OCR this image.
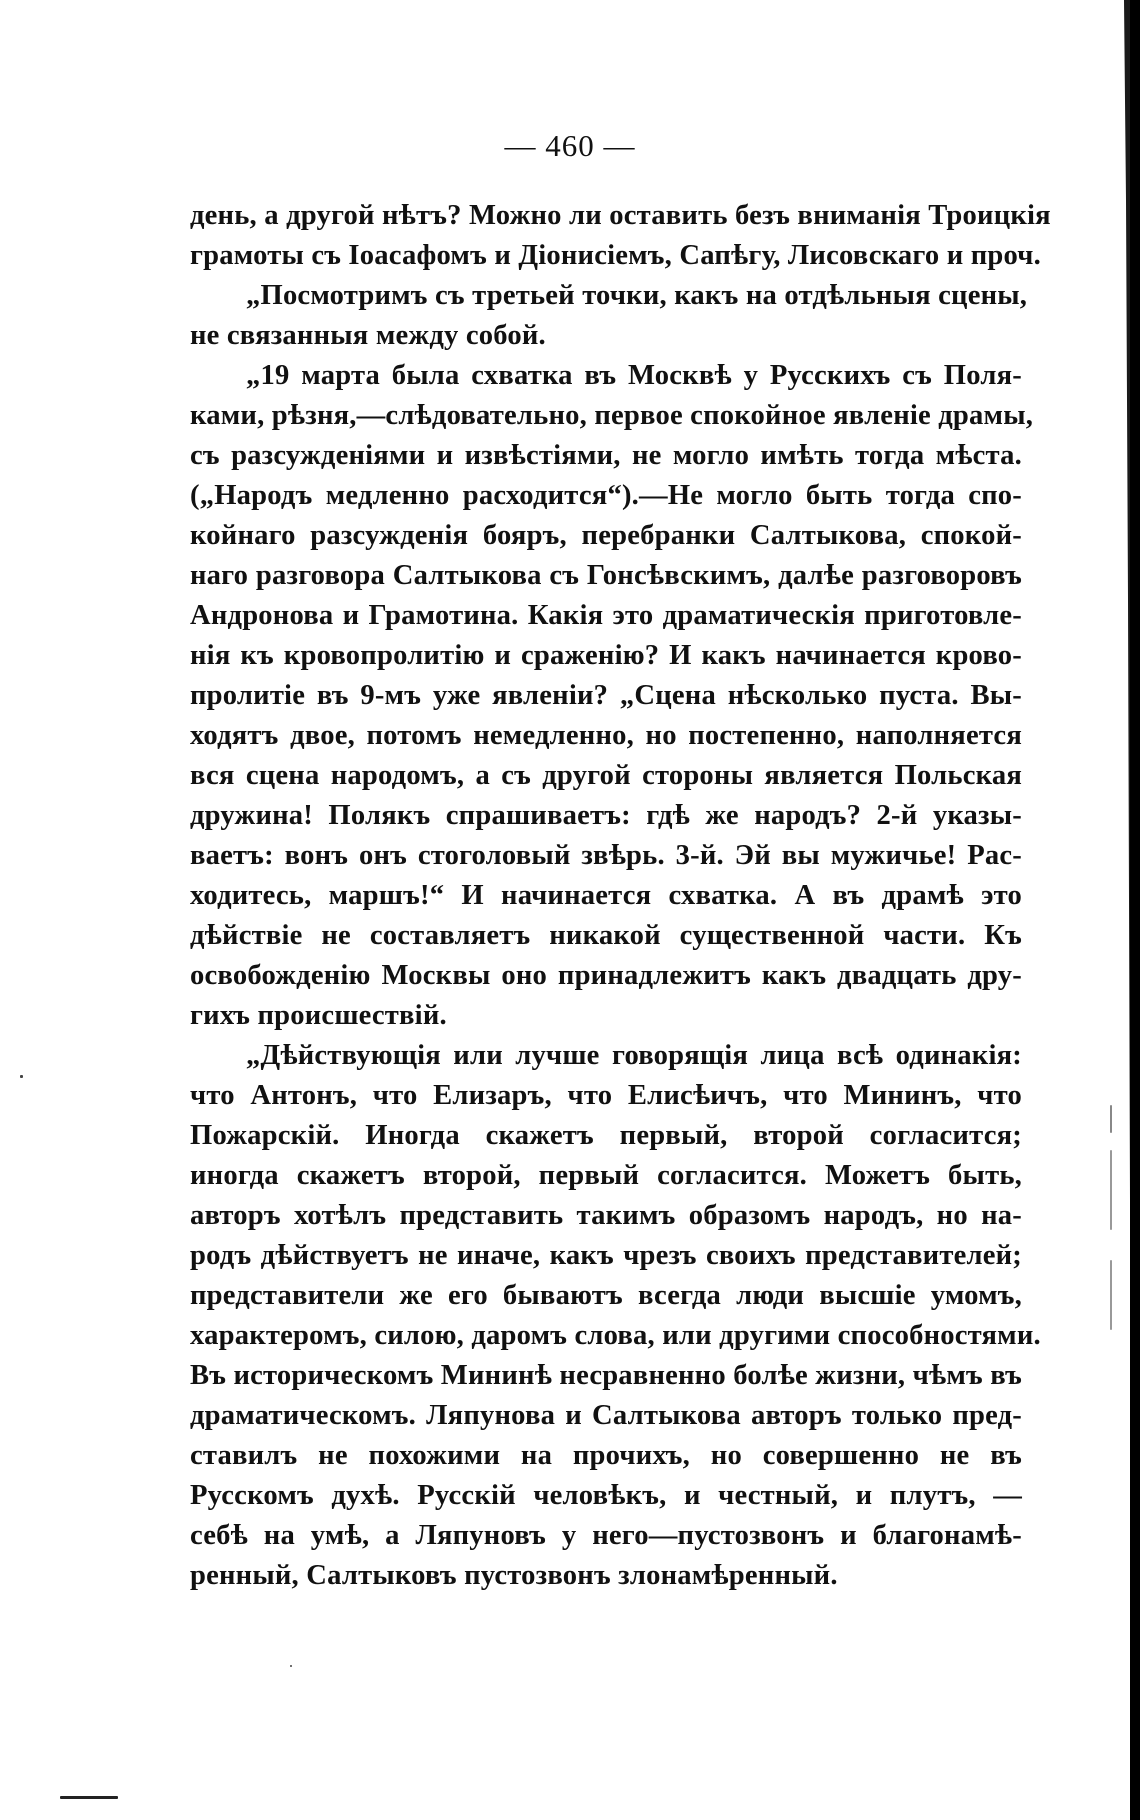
— 460 —

день, а другой нѣтъ? Можно ли оставить безъ вниманія Троицкія
грамоты съ Іоасафомъ и Діонисіемъ, Сапѣгу, Лисовскаго и проч.

„Посмотримъ съ третьей точки, какъ на отдѣльныя сцены,
не связанныя между собой.

„19 марта была схватка въ Москвѣ у Русскихъ съ Поля-
ками, рѣзня,—слѣдовательно, первое спокойное явленіе драмы,
съ разсужденіями и извѣстіями, не могло имѣть тогда мѣста.
(„Народъ медленно расходится“).—Не могло быть тогда спо-
койнаго разсужденія бояръ, перебранки Салтыкова, спокой-
наго разговора Салтыкова съ Гонсѣвскимъ, далѣе разговоровъ
Андронова и Грамотина. Какія это драматическія приготовле-
нія къ кровопролитію и сраженію? И какъ начинается крово-
пролитіе въ 9-мъ уже явленіи? „Сцена нѣсколько пуста. Вы-
ходятъ двое, потомъ немедленно, но постепенно, наполняется
вся сцена народомъ, а съ другой стороны является Польская
дружина! Полякъ спрашиваетъ: гдѣ же народъ? 2-й указы-
ваетъ: вонъ онъ стоголовый звѣрь. 3-й. Эй вы мужичье! Рас-
ходитесь, маршъ!“ И начинается схватка. А въ драмѣ это
дѣйствіе не составляетъ никакой существенной части. Къ
освобожденію Москвы оно принадлежитъ какъ двадцать дру-
гихъ происшествій.

„Дѣйствующія или лучше говорящія лица всѣ одинакія:
что Антонъ, что Елизаръ, что Елисѣичъ, что Мининъ, что
Пожарскій. Иногда скажетъ первый, второй согласится;
иногда скажетъ второй, первый согласится. Можетъ быть,
авторъ хотѣлъ представить такимъ образомъ народъ, но на-
родъ дѣйствуетъ не иначе, какъ чрезъ своихъ представителей;
представители же его бываютъ всегда люди высшіе умомъ,
характеромъ, силою, даромъ слова, или другими способностями.
Въ историческомъ Мининѣ несравненно болѣе жизни, чѣмъ въ
драматическомъ. Ляпунова и Салтыкова авторъ только пред-
ставилъ не похожими на прочихъ, но совершенно не въ
Русскомъ духѣ. Русскій человѣкъ, и честный, и плутъ, —
себѣ на умѣ, а Ляпуновъ у него—пустозвонъ и благонамѣ-
ренный, Салтыковъ пустозвонъ злонамѣренный.
